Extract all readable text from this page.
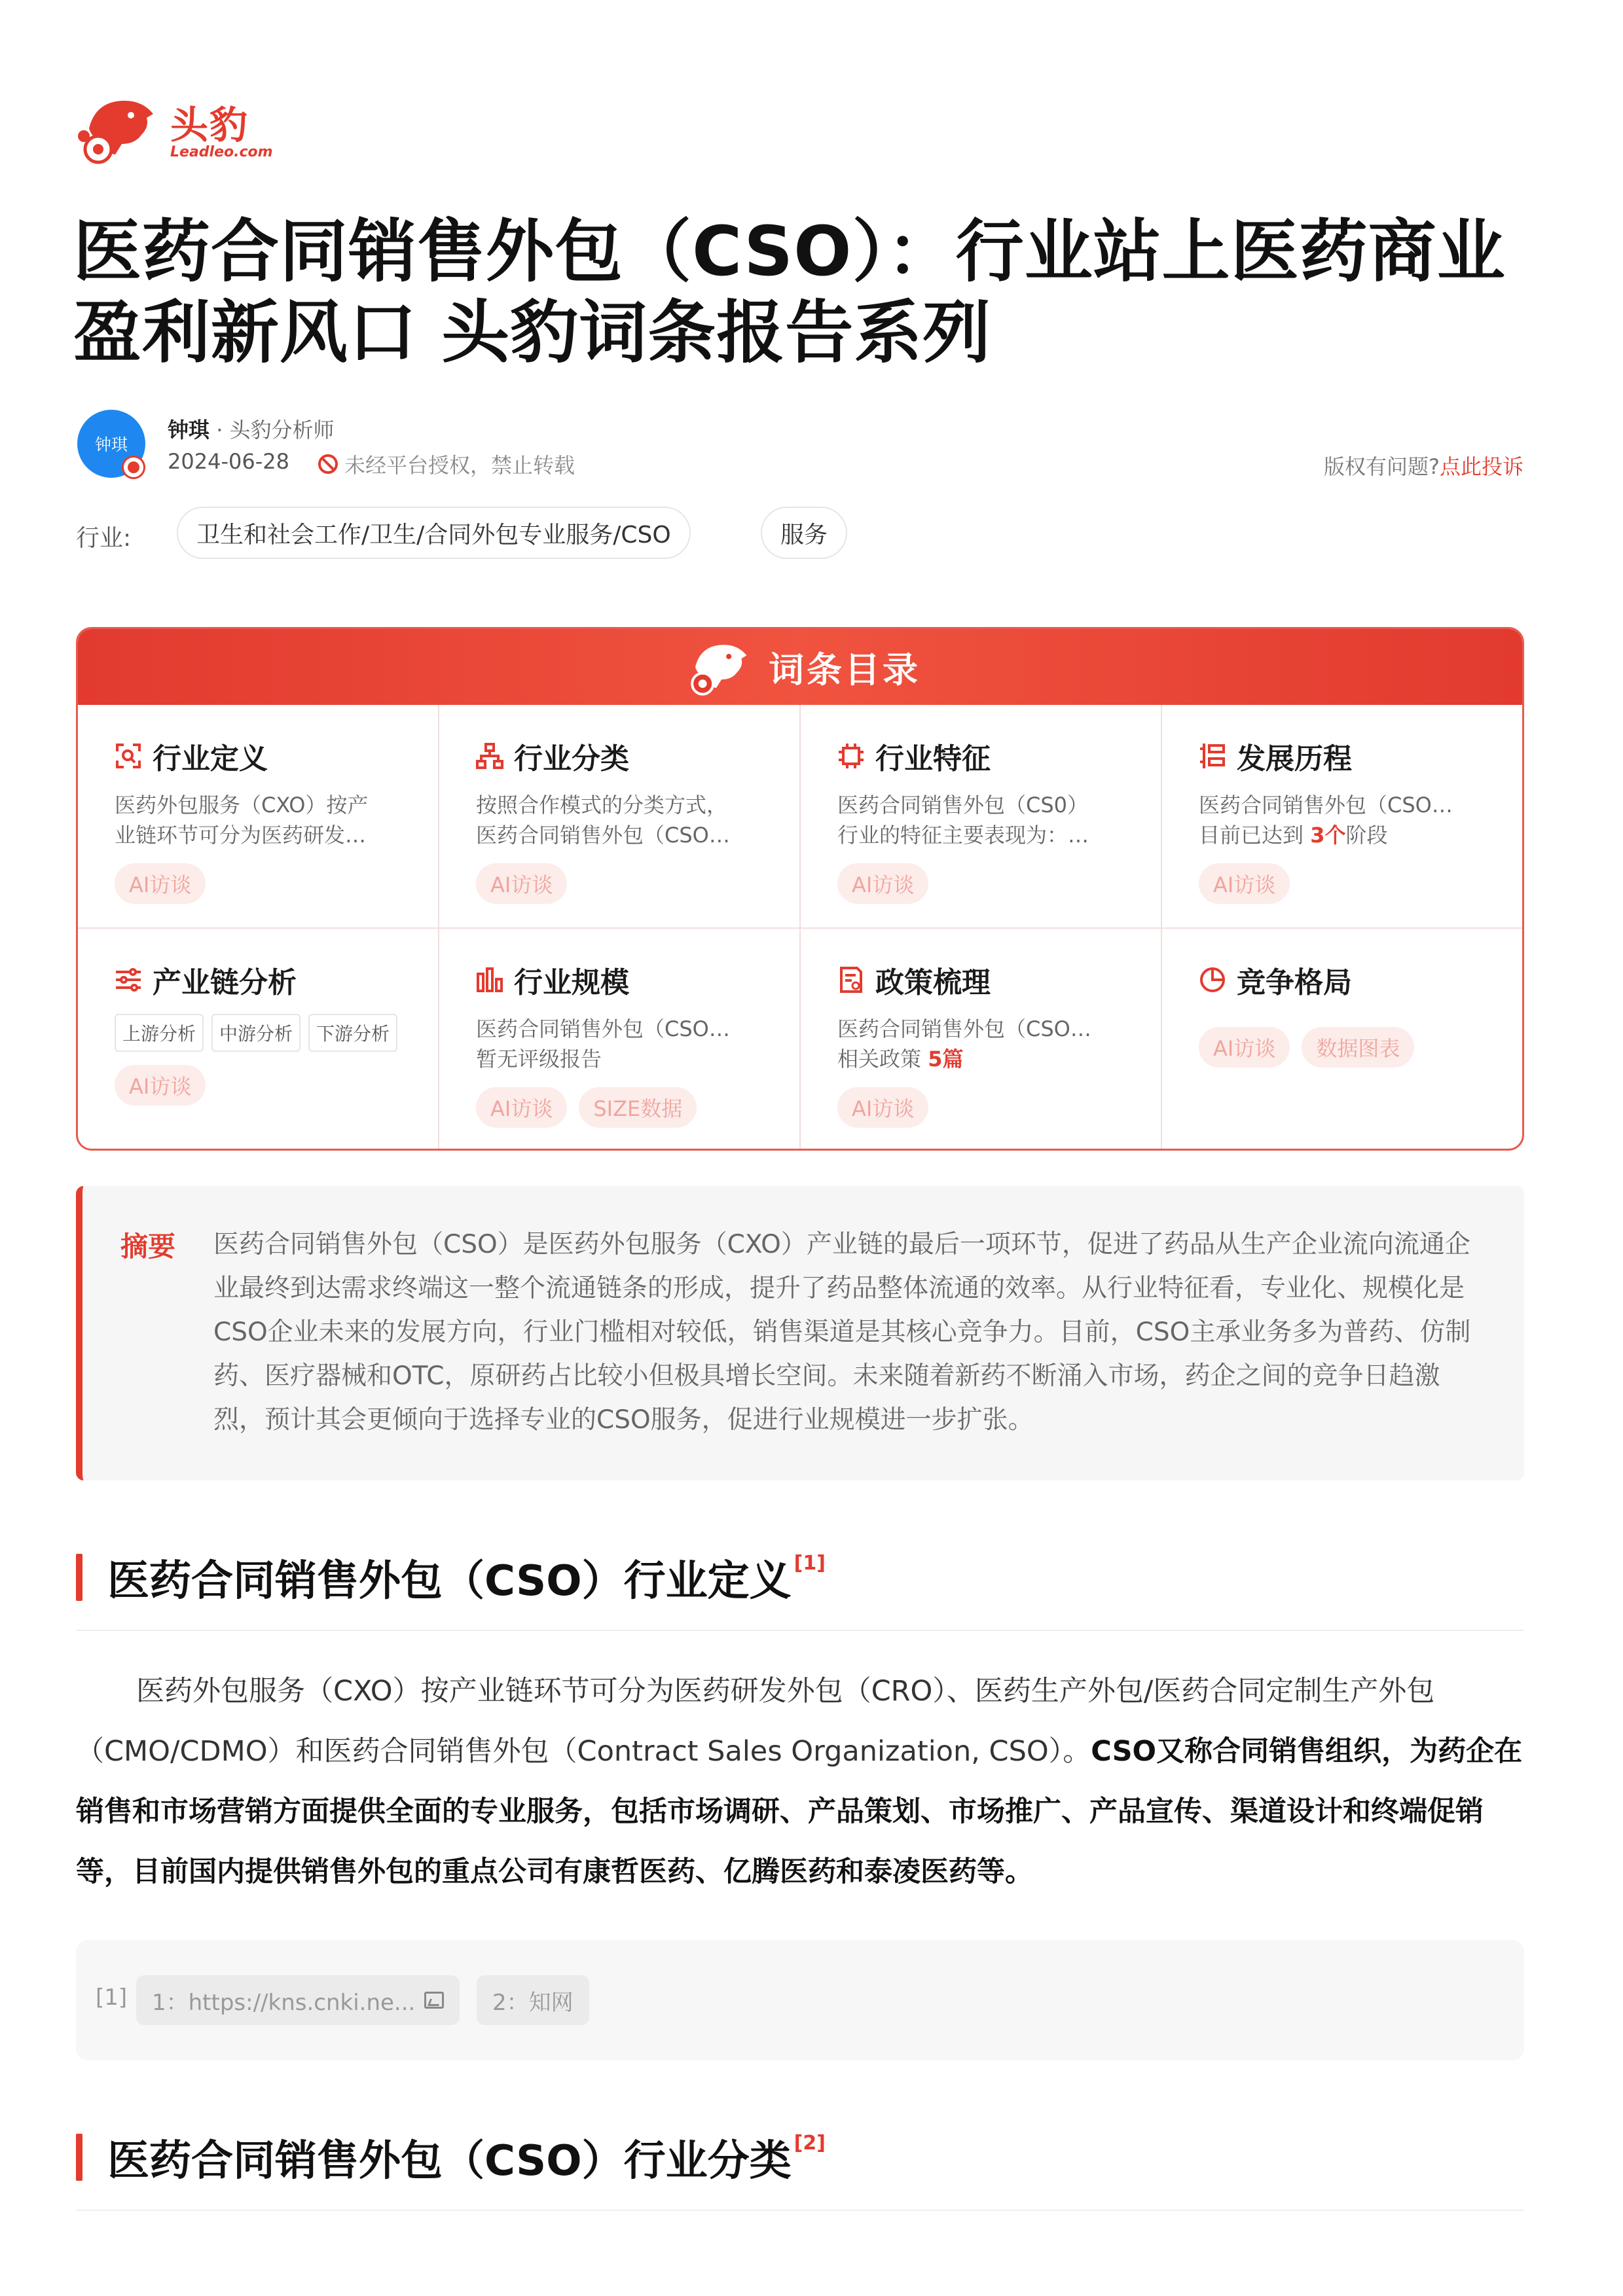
头豹
Leadleo.com
医药合同销售外包（CSO）：行业站上医药商业盈利新风口 头豹词条报告系列
钟琪
钟琪 · 头豹分析师
2024-06-28	未经平台授权，禁止转载	版权有问题?点此投诉
行业:	卫生和社会工作/卫生/合同外包专业服务/CSO	服务
词条目录
行业定义
医药外包服务（CXO）按产
业链环节可分为医药研发…
AI访谈
行业分类
按照合作模式的分类方式，
医药合同销售外包（CSO…
AI访谈
行业特征
医药合同销售外包（CS0）
行业的特征主要表现为：…
AI访谈
发展历程
医药合同销售外包（CSO…
目前已达到 3个阶段
AI访谈
产业链分析
上游分析	中游分析	下游分析
AI访谈
行业规模
医药合同销售外包（CSO…
暂无评级报告
AI访谈	SIZE数据
政策梳理
医药合同销售外包（CSO…
相关政策 5篇
AI访谈
竞争格局
AI访谈	数据图表
摘要 医药合同销售外包（CSO）是医药外包服务（CXO）产业链的最后一项环节，促进了药品从生产企业流向流通企业最终到达需求终端这一整个流通链条的形成，提升了药品整体流通的效率。从行业特征看，专业化、规模化是CSO企业未来的发展方向，行业门槛相对较低，销售渠道是其核心竞争力。目前，CSO主承业务多为普药、仿制药、医疗器械和OTC，原研药占比较小但极具增长空间。未来随着新药不断涌入市场，药企之间的竞争日趋激烈，预计其会更倾向于选择专业的CSO服务，促进行业规模进一步扩张。
医药合同销售外包（CSO）行业定义[1]
医药外包服务（CXO）按产业链环节可分为医药研发外包（CRO）、医药生产外包/医药合同定制生产外包（CMO/CDMO）和医药合同销售外包（Contract Sales Organization, CSO）。CSO又称合同销售组织，为药企在销售和市场营销方面提供全面的专业服务，包括市场调研、产品策划、市场推广、产品宣传、渠道设计和终端促销等，目前国内提供销售外包的重点公司有康哲医药、亿腾医药和泰凌医药等。
[1] 1：https://kns.cnki.ne...	2：知网
医药合同销售外包（CSO）行业分类[2]
